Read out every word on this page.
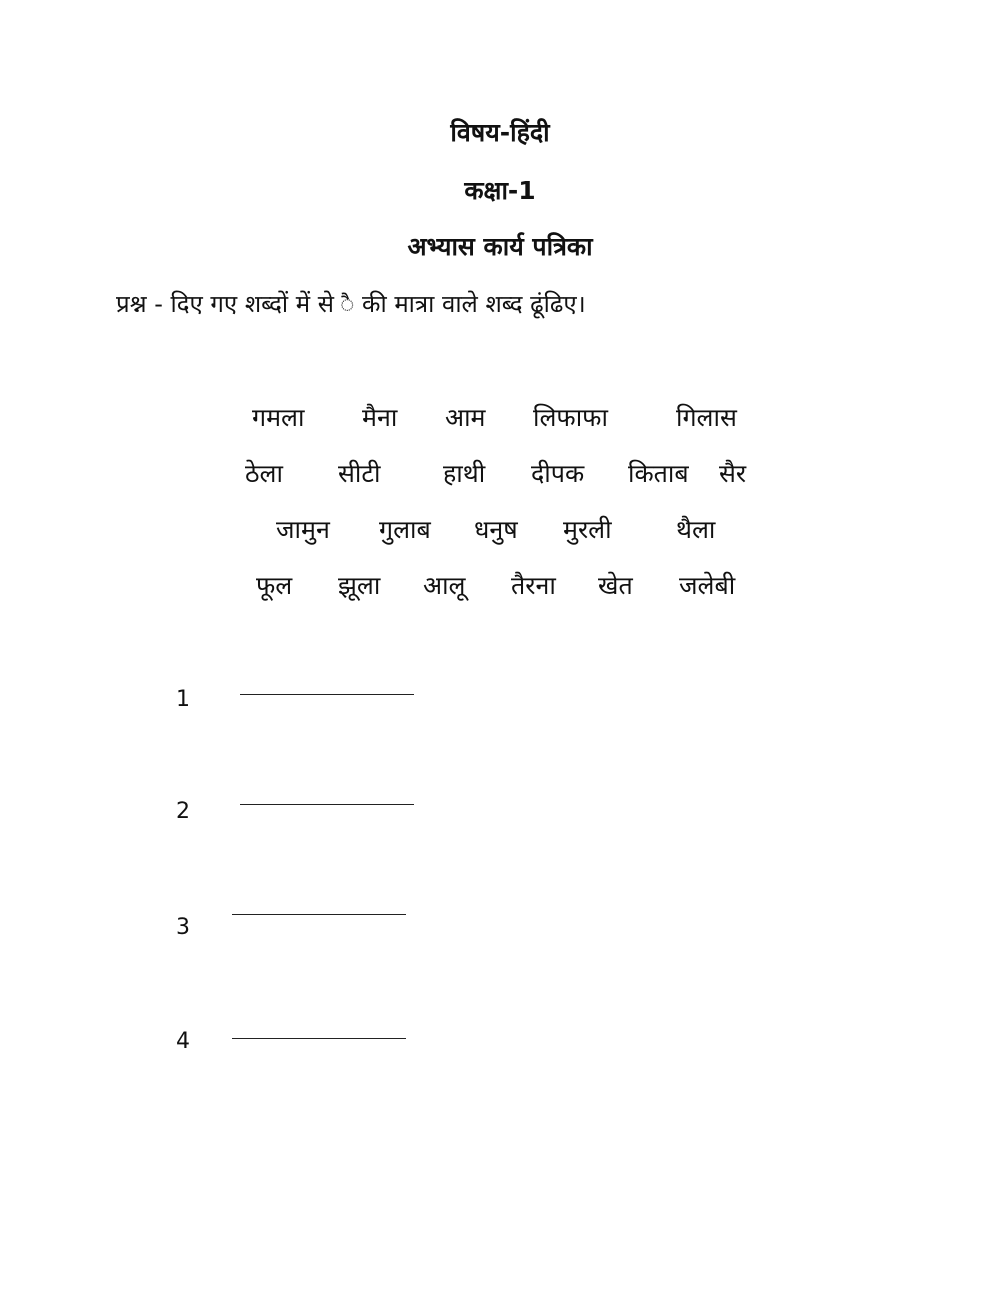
विषय-हिंदी
कक्षा-1
अभ्यास कार्य पत्रिका
प्रश्न - दिए गए शब्दों में से ै की मात्रा वाले शब्द ढूंढिए।
गमला मैना आम लिफाफा	गिलास
ठेला सीटी	हाथी दीपक किताब सैर
जामुन गुलाब धनुष मुरली	थैला
फूल झूला आलू तैरना खेत जलेबी
1
2
3
4
